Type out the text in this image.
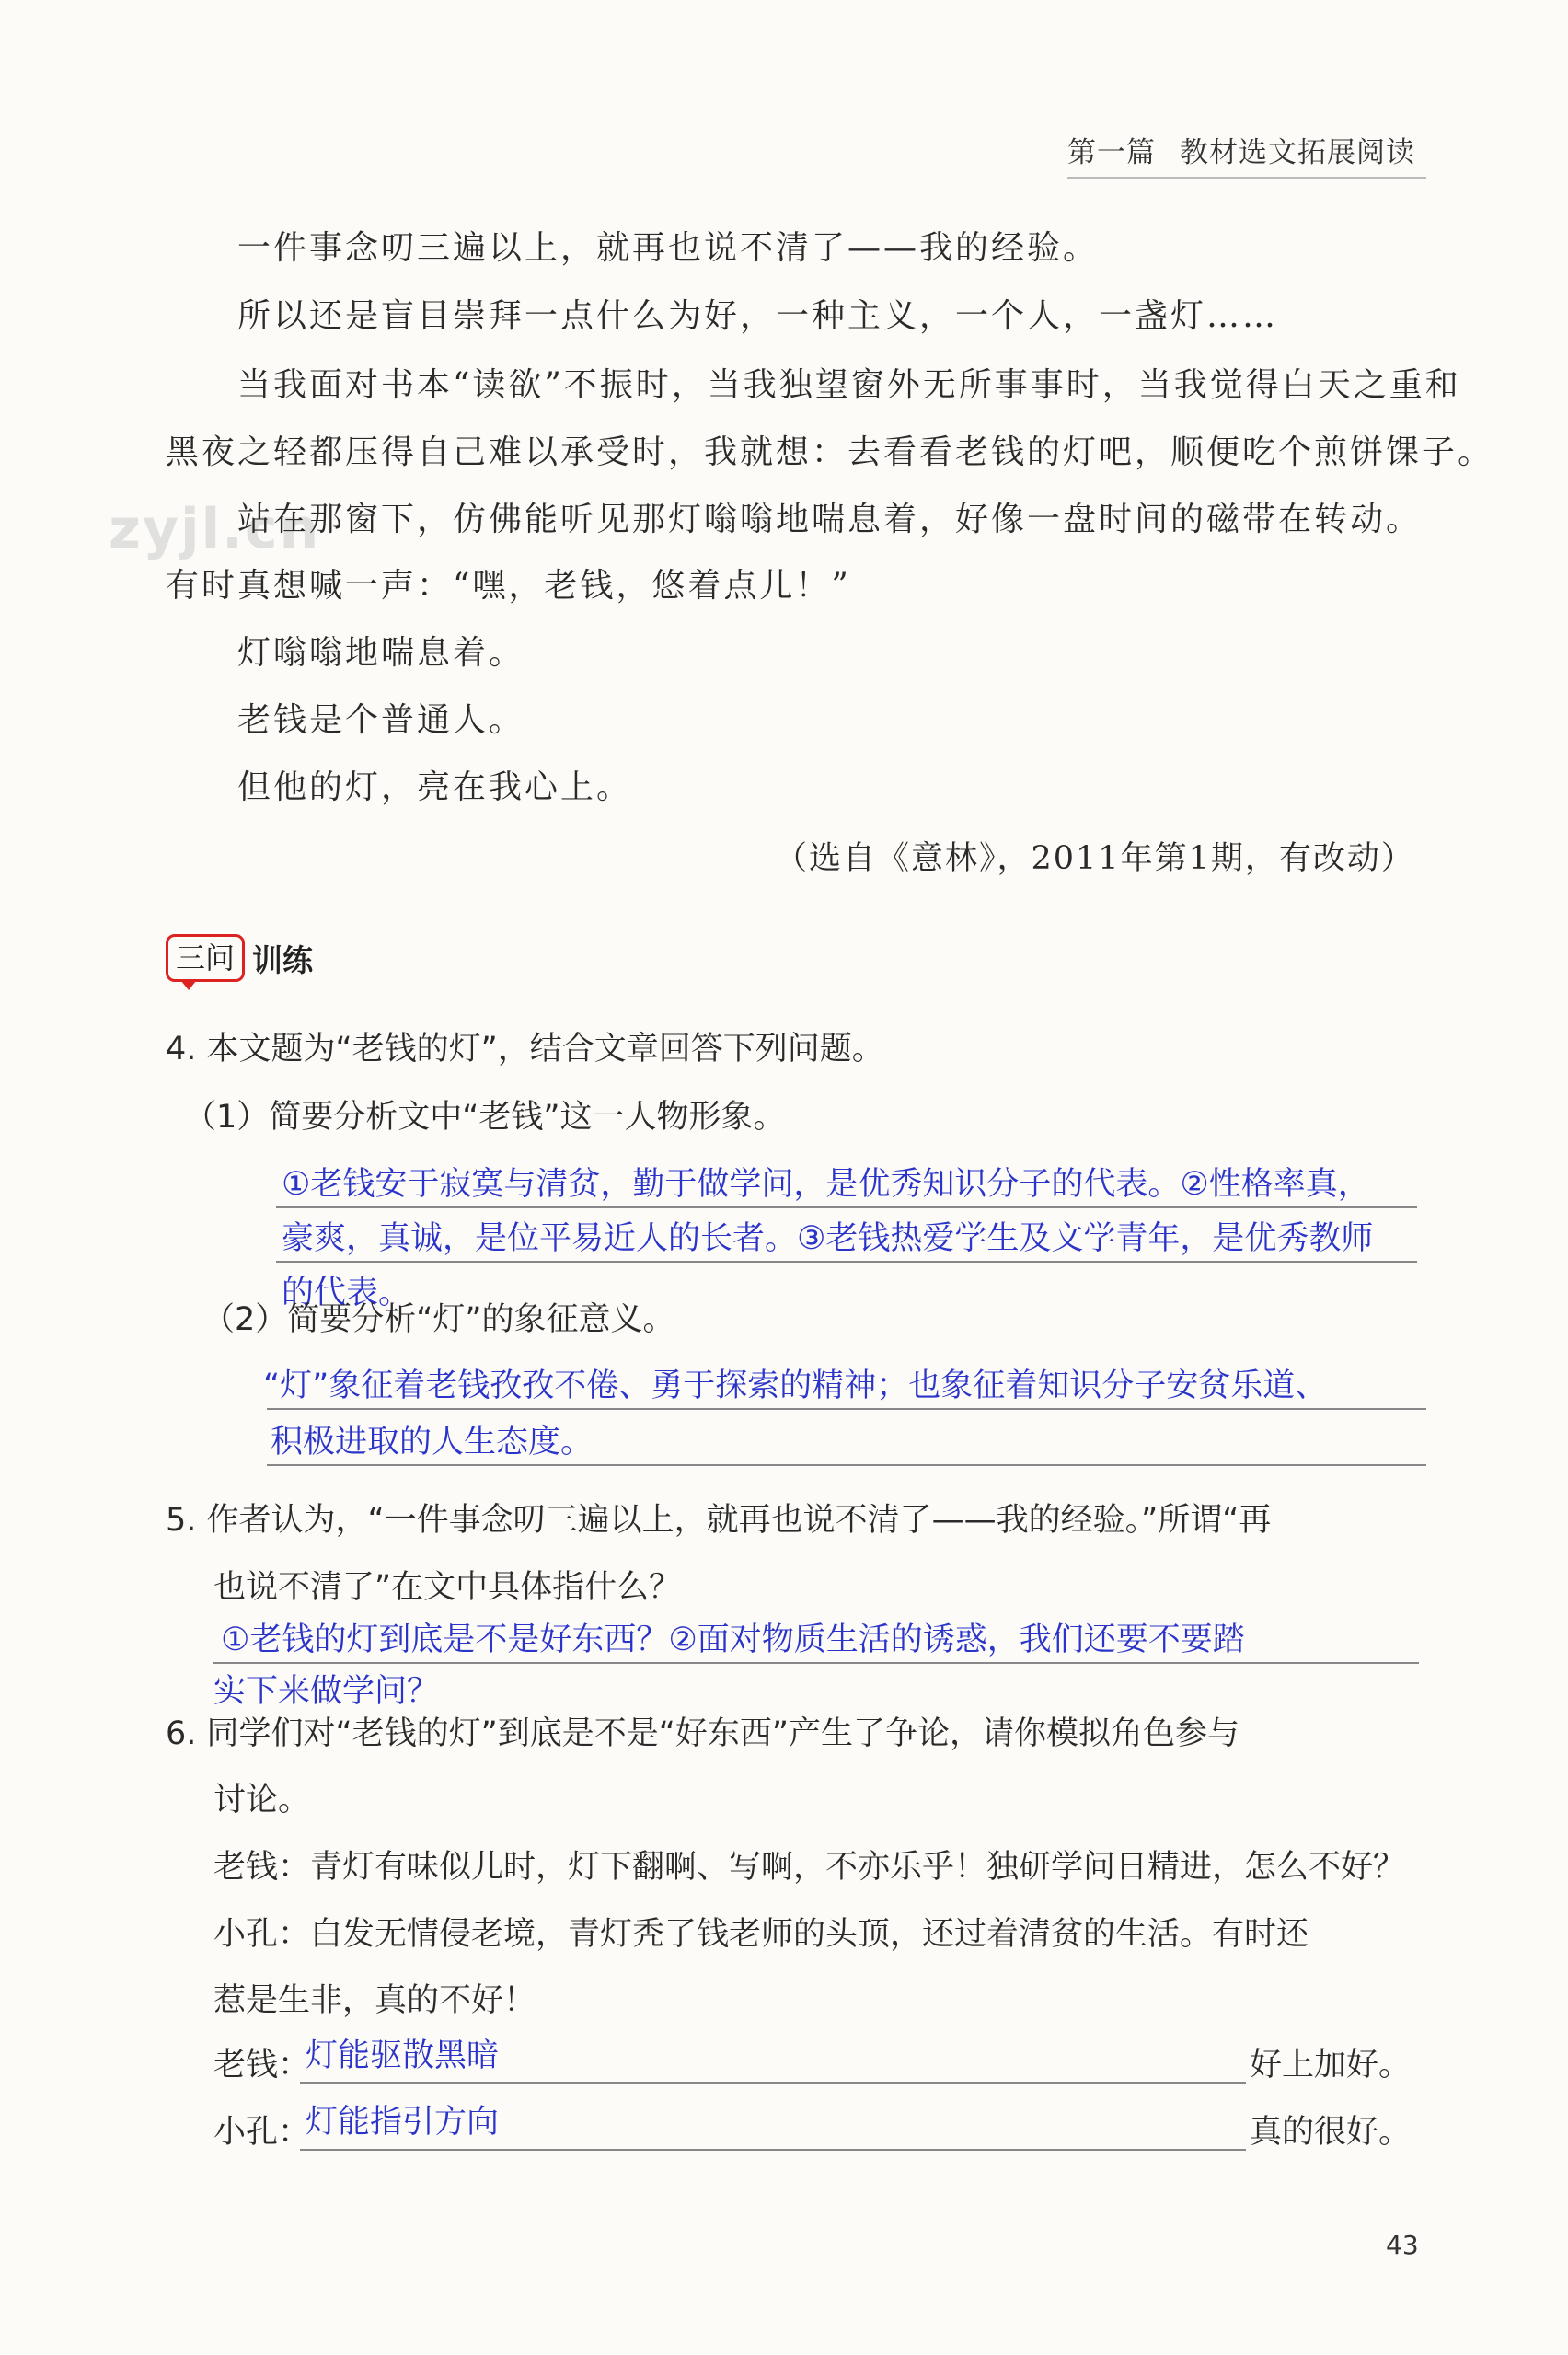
第一篇 教材选文拓展阅读
zyjl.cn
一件事念叨三遍以上，就再也说不清了——我的经验。
所以还是盲目崇拜一点什么为好，一种主义，一个人，一盏灯……
当我面对书本“读欲”不振时，当我独望窗外无所事事时，当我觉得白天之重和
黑夜之轻都压得自己难以承受时，我就想：去看看老钱的灯吧，顺便吃个煎饼馃子。
站在那窗下，仿佛能听见那灯嗡嗡地喘息着，好像一盘时间的磁带在转动。
有时真想喊一声：“嘿，老钱，悠着点儿！”
灯嗡嗡地喘息着。
老钱是个普通人。
但他的灯，亮在我心上。
（选自《意林》，2011年第1期，有改动）
三问 训练
4. 本文题为“老钱的灯”，结合文章回答下列问题。
（1）简要分析文中“老钱”这一人物形象。
①老钱安于寂寞与清贫，勤于做学问，是优秀知识分子的代表。②性格率真，
豪爽，真诚，是位平易近人的长者。③老钱热爱学生及文学青年，是优秀教师
的代表。
（2）简要分析“灯”的象征意义。
“灯”象征着老钱孜孜不倦、勇于探索的精神；也象征着知识分子安贫乐道、
积极进取的人生态度。
5. 作者认为，“一件事念叨三遍以上，就再也说不清了——我的经验。”所谓“再
也说不清了”在文中具体指什么？
①老钱的灯到底是不是好东西？②面对物质生活的诱惑，我们还要不要踏
实下来做学问？
6. 同学们对“老钱的灯”到底是不是“好东西”产生了争论，请你模拟角色参与
讨论。
老钱：青灯有味似儿时，灯下翻啊、写啊，不亦乐乎！独研学问日精进，怎么不好？
小孔：白发无情侵老境，青灯秃了钱老师的头顶，还过着清贫的生活。有时还
惹是生非，真的不好！
老钱：
灯能驱散黑暗	好上加好。
小孔：
灯能指引方向	真的很好。
43
